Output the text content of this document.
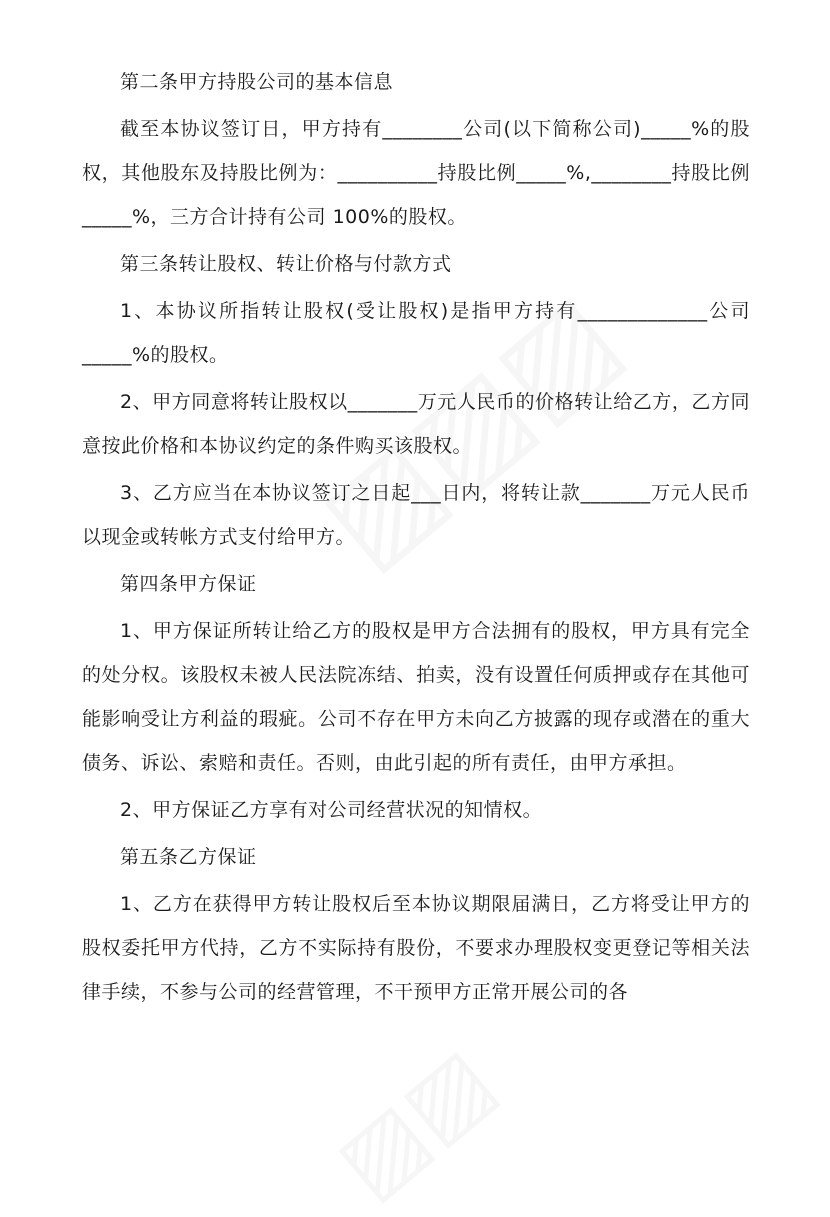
第二条甲方持股公司的基本信息

截至本协议签订日，甲方持有________公司(以下简称公司)_____%的股权，其他股东及持股比例为：__________持股比例_____%,________持股比例_____%，三方合计持有公司 100%的股权。

第三条转让股权、转让价格与付款方式

1、本协议所指转让股权(受让股权)是指甲方持有_____________公司_____%的股权。

2、甲方同意将转让股权以_______万元人民币的价格转让给乙方，乙方同意按此价格和本协议约定的条件购买该股权。

3、乙方应当在本协议签订之日起___日内，将转让款_______万元人民币以现金或转帐方式支付给甲方。

第四条甲方保证

1、甲方保证所转让给乙方的股权是甲方合法拥有的股权，甲方具有完全的处分权。该股权未被人民法院冻结、拍卖，没有设置任何质押或存在其他可能影响受让方利益的瑕疵。公司不存在甲方未向乙方披露的现存或潜在的重大债务、诉讼、索赔和责任。否则，由此引起的所有责任，由甲方承担。

2、甲方保证乙方享有对公司经营状况的知情权。

第五条乙方保证

1、乙方在获得甲方转让股权后至本协议期限届满日，乙方将受让甲方的股权委托甲方代持，乙方不实际持有股份，不要求办理股权变更登记等相关法律手续，不参与公司的经营管理，不干预甲方正常开展公司的各
